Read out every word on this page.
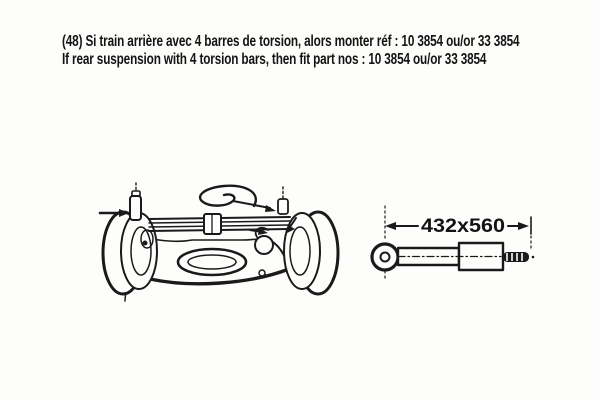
(48) Si train arrière avec 4 barres de torsion, alors monter réf : 10 3854 ou/or 33 3854
If rear suspension with 4 torsion bars, then fit part nos : 10 3854 ou/or 33 3854
432x560
